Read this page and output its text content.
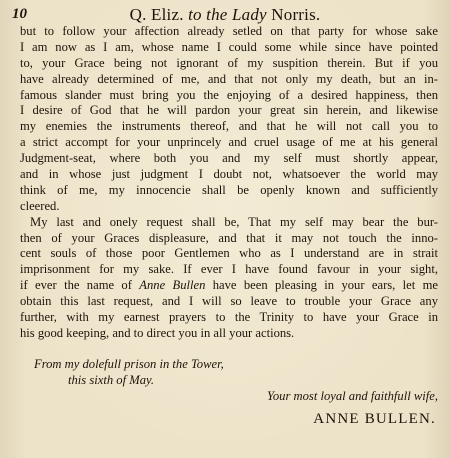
10	Q. Eliz. to the Lady Norris.
but to follow your affection already setled on that party for whose sake
I am now as I am, whose name I could some while since have pointed
to, your Grace being not ignorant of my suspition therein. But if you
have already determined of me, and that not only my death, but an in-
famous slander must bring you the enjoying of a desired happiness, then
I desire of God that he will pardon your great sin herein, and likewise
my enemies the instruments thereof, and that he will not call you to
a strict accompt for your unprincely and cruel usage of me at his general
Judgment-seat, where both you and my self must shortly appear,
and in whose just judgment I doubt not, whatsoever the world may
think of me, my innocencie shall be openly known and sufficiently
cleered.
My last and onely request shall be, That my self may bear the bur-
then of your Graces displeasure, and that it may not touch the inno-
cent souls of those poor Gentlemen who as I understand are in strait
imprisonment for my sake. If ever I have found favour in your sight,
if ever the name of Anne Bullen have been pleasing in your ears, let me
obtain this last request, and I will so leave to trouble your Grace any
further, with my earnest prayers to the Trinity to have your Grace in
his good keeping, and to direct you in all your actions.
From my dolefull prison in the Tower,
this sixth of May.
Your most loyal and faithfull wife,
ANNE BULLEN.
